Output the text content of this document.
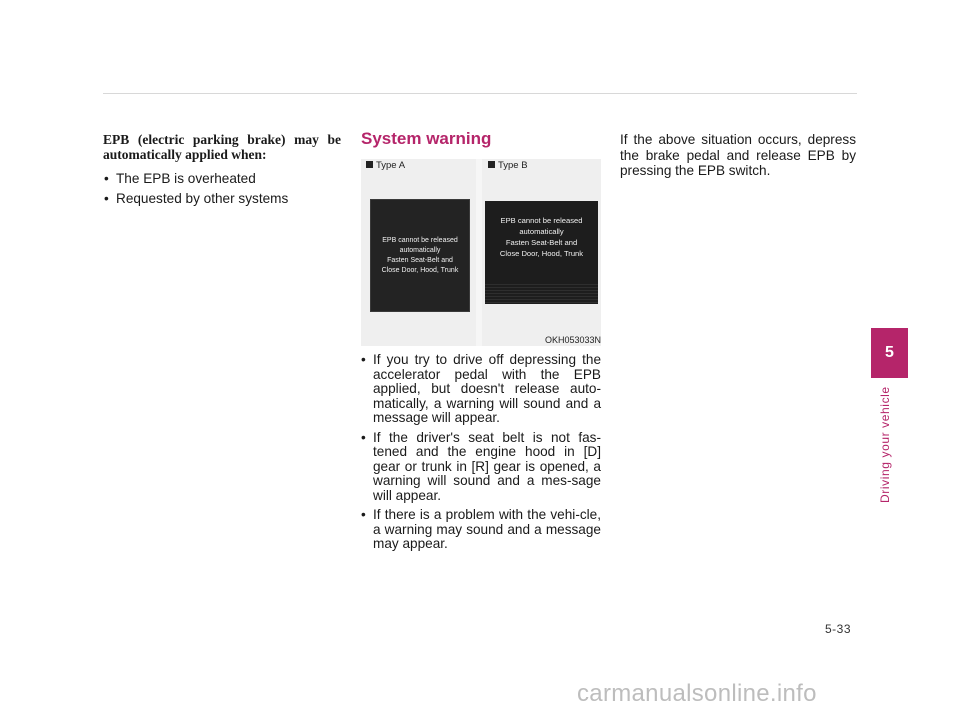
EPB (electric parking brake) may be automatically applied when:

• The EPB is overheated
• Requested by other systems
System warning
Type A
EPB cannot be released
automatically
Fasten Seat-Belt and
Close Door, Hood, Trunk
Type B
EPB cannot be released
automatically
Fasten Seat-Belt and
Close Door, Hood, Trunk
OKH053033N
• If you try to drive off depressing the accelerator pedal with the EPB applied, but doesn't release auto-matically, a warning will sound and a message will appear.
• If the driver's seat belt is not fas-tened and the engine hood in [D] gear or trunk in [R] gear is opened, a warning will sound and a mes-sage will appear.
• If there is a problem with the vehi-cle, a warning may sound and a message may appear.

If the above situation occurs, depress the brake pedal and release EPB by pressing the EPB switch.

5
Driving your vehicle
5-33
carmanualsonline.info
